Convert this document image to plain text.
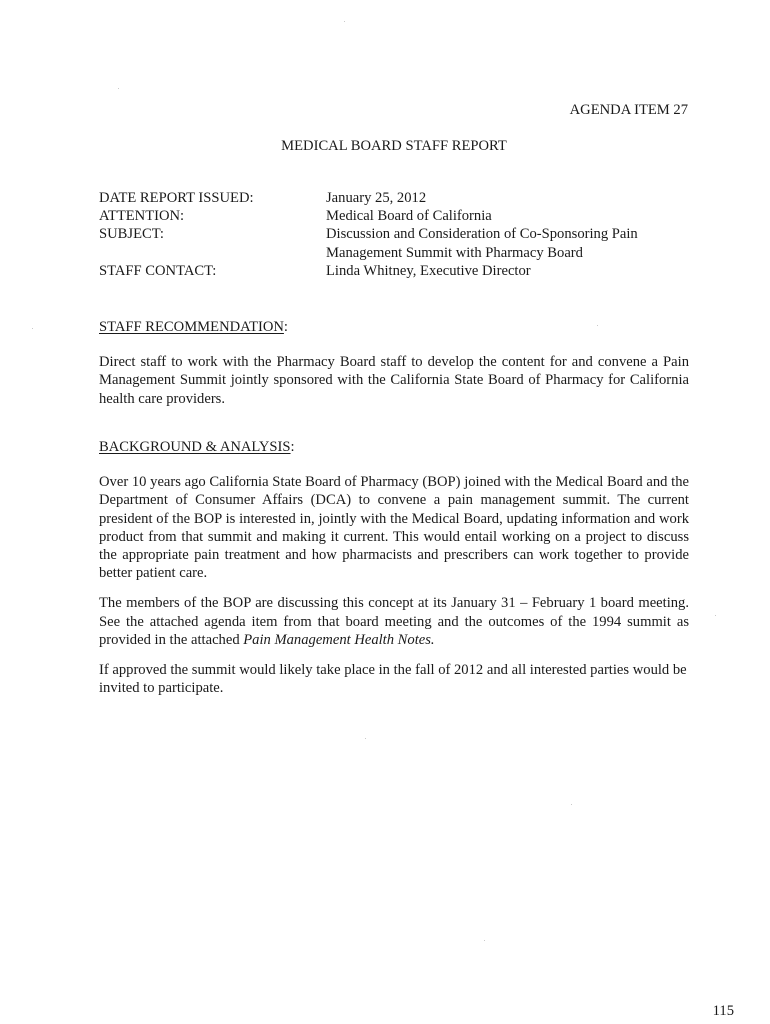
AGENDA ITEM 27
MEDICAL BOARD STAFF REPORT
DATE REPORT ISSUED:	January 25, 2012
ATTENTION:	Medical Board of California
SUBJECT:	Discussion and Consideration of Co-Sponsoring Pain Management Summit with Pharmacy Board
STAFF CONTACT:	Linda Whitney, Executive Director
STAFF RECOMMENDATION:
Direct staff to work with the Pharmacy Board staff to develop the content for and convene a Pain Management Summit jointly sponsored with the California State Board of Pharmacy for California health care providers.
BACKGROUND & ANALYSIS:
Over 10 years ago California State Board of Pharmacy (BOP) joined with the Medical Board and the Department of Consumer Affairs (DCA) to convene a pain management summit. The current president of the BOP is interested in, jointly with the Medical Board, updating information and work product from that summit and making it current. This would entail working on a project to discuss the appropriate pain treatment and how pharmacists and prescribers can work together to provide better patient care.
The members of the BOP are discussing this concept at its January 31 – February 1 board meeting. See the attached agenda item from that board meeting and the outcomes of the 1994 summit as provided in the attached Pain Management Health Notes.
If approved the summit would likely take place in the fall of 2012 and all interested parties would be invited to participate.
115
